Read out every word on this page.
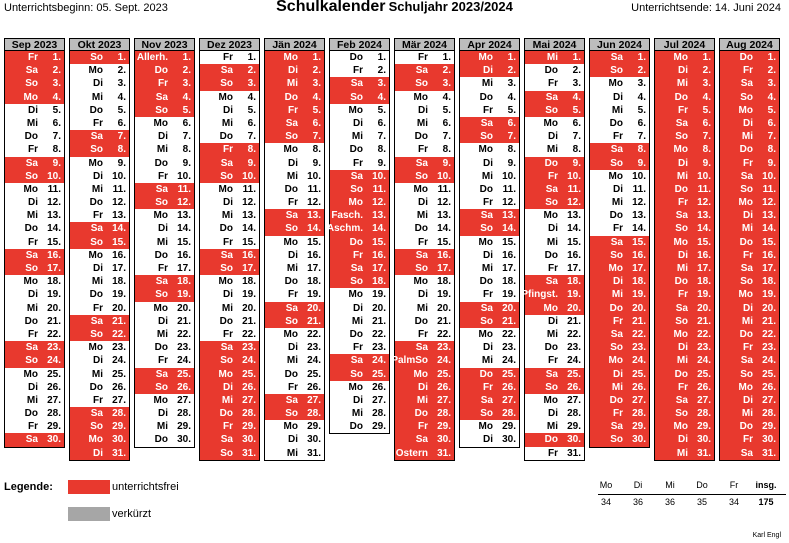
Unterrichtsbeginn: 05. Sept. 2023	Schulkalender Schuljahr 2023/2024	Unterrichtsende: 14. Juni 2024
Sep 2023
Fr 1.
Sa 2.
So 3.
Mo 4.
Di 5.
Mi 6.
Do 7.
Fr 8.
Sa 9.
So 10.
Mo 11.
Di 12.
Mi 13.
Do 14.
Fr 15.
Sa 16.
So 17.
Mo 18.
Di 19.
Mi 20.
Do 21.
Fr 22.
Sa 23.
So 24.
Mo 25.
Di 26.
Mi 27.
Do 28.
Fr 29.
Sa 30.
Okt 2023
So 1.
Mo 2.
Di 3.
Mi 4.
Do 5.
Fr 6.
Sa 7.
So 8.
Mo 9.
Di 10.
Mi 11.
Do 12.
Fr 13.
Sa 14.
So 15.
Mo 16.
Di 17.
Mi 18.
Do 19.
Fr 20.
Sa 21.
So 22.
Mo 23.
Di 24.
Mi 25.
Do 26.
Fr 27.
Sa 28.
So 29.
Mo 30.
Di 31.
Nov 2023
Allerh. 1.
Do 2.
Fr 3.
Sa 4.
So 5.
Mo 6.
Di 7.
Mi 8.
Do 9.
Fr 10.
Sa 11.
So 12.
Mo 13.
Di 14.
Mi 15.
Do 16.
Fr 17.
Sa 18.
So 19.
Mo 20.
Di 21.
Mi 22.
Do 23.
Fr 24.
Sa 25.
So 26.
Mo 27.
Di 28.
Mi 29.
Do 30.
Dez 2023
Fr 1.
Sa 2.
So 3.
Mo 4.
Di 5.
Mi 6.
Do 7.
Fr 8.
Sa 9.
So 10.
Mo 11.
Di 12.
Mi 13.
Do 14.
Fr 15.
Sa 16.
So 17.
Mo 18.
Di 19.
Mi 20.
Do 21.
Fr 22.
Sa 23.
So 24.
Mo 25.
Di 26.
Mi 27.
Do 28.
Fr 29.
Sa 30.
So 31.
Jän 2024
Mo 1.
Di 2.
Mi 3.
Do 4.
Fr 5.
Sa 6.
So 7.
Mo 8.
Di 9.
Mi 10.
Do 11.
Fr 12.
Sa 13.
So 14.
Mo 15.
Di 16.
Mi 17.
Do 18.
Fr 19.
Sa 20.
So 21.
Mo 22.
Di 23.
Mi 24.
Do 25.
Fr 26.
Sa 27.
So 28.
Mo 29.
Di 30.
Mi 31.
Feb 2024
Do 1.
Fr 2.
Sa 3.
So 4.
Mo 5.
Di 6.
Mi 7.
Do 8.
Fr 9.
Sa 10.
So 11.
Mo 12.
Fasch. 13.
Aschm. 14.
Do 15.
Fr 16.
Sa 17.
So 18.
Mo 19.
Di 20.
Mi 21.
Do 22.
Fr 23.
Sa 24.
So 25.
Mo 26.
Di 27.
Mi 28.
Do 29.
Mär 2024
Fr 1.
Sa 2.
So 3.
Mo 4.
Di 5.
Mi 6.
Do 7.
Fr 8.
Sa 9.
So 10.
Mo 11.
Di 12.
Mi 13.
Do 14.
Fr 15.
Sa 16.
So 17.
Mo 18.
Di 19.
Mi 20.
Do 21.
Fr 22.
Sa 23.
PalmSo 24.
Mo 25.
Di 26.
Mi 27.
Do 28.
Fr 29.
Sa 30.
Ostern 31.
Apr 2024
Mo 1.
Di 2.
Mi 3.
Do 4.
Fr 5.
Sa 6.
So 7.
Mo 8.
Di 9.
Mi 10.
Do 11.
Fr 12.
Sa 13.
So 14.
Mo 15.
Di 16.
Mi 17.
Do 18.
Fr 19.
Sa 20.
So 21.
Mo 22.
Di 23.
Mi 24.
Do 25.
Fr 26.
Sa 27.
So 28.
Mo 29.
Di 30.
Mai 2024
Mi 1.
Do 2.
Fr 3.
Sa 4.
So 5.
Mo 6.
Di 7.
Mi 8.
Do 9.
Fr 10.
Sa 11.
So 12.
Mo 13.
Di 14.
Mi 15.
Do 16.
Fr 17.
Sa 18.
Pfingst. 19.
Mo 20.
Di 21.
Mi 22.
Do 23.
Fr 24.
Sa 25.
So 26.
Mo 27.
Di 28.
Mi 29.
Do 30.
Fr 31.
Jun 2024
Sa 1.
So 2.
Mo 3.
Di 4.
Mi 5.
Do 6.
Fr 7.
Sa 8.
So 9.
Mo 10.
Di 11.
Mi 12.
Do 13.
Fr 14.
Sa 15.
So 16.
Mo 17.
Di 18.
Mi 19.
Do 20.
Fr 21.
Sa 22.
So 23.
Mo 24.
Di 25.
Mi 26.
Do 27.
Fr 28.
Sa 29.
So 30.
Jul 2024
Mo 1.
Di 2.
Mi 3.
Do 4.
Fr 5.
Sa 6.
So 7.
Mo 8.
Di 9.
Mi 10.
Do 11.
Fr 12.
Sa 13.
So 14.
Mo 15.
Di 16.
Mi 17.
Do 18.
Fr 19.
Sa 20.
So 21.
Mo 22.
Di 23.
Mi 24.
Do 25.
Fr 26.
Sa 27.
So 28.
Mo 29.
Di 30.
Mi 31.
Aug 2024
Do 1.
Fr 2.
Sa 3.
So 4.
Mo 5.
Di 6.
Mi 7.
Do 8.
Fr 9.
Sa 10.
So 11.
Mo 12.
Di 13.
Mi 14.
Do 15.
Fr 16.
Sa 17.
So 18.
Mo 19.
Di 20.
Mi 21.
Do 22.
Fr 23.
Sa 24.
So 25.
Mo 26.
Di 27.
Mi 28.
Do 29.
Fr 30.
Sa 31.
Legende:	unterrichtsfrei
verkürzt
Mo	Di	Mi	Do	Fr	insg.
34	36	36	35	34	175
Karl Engl
